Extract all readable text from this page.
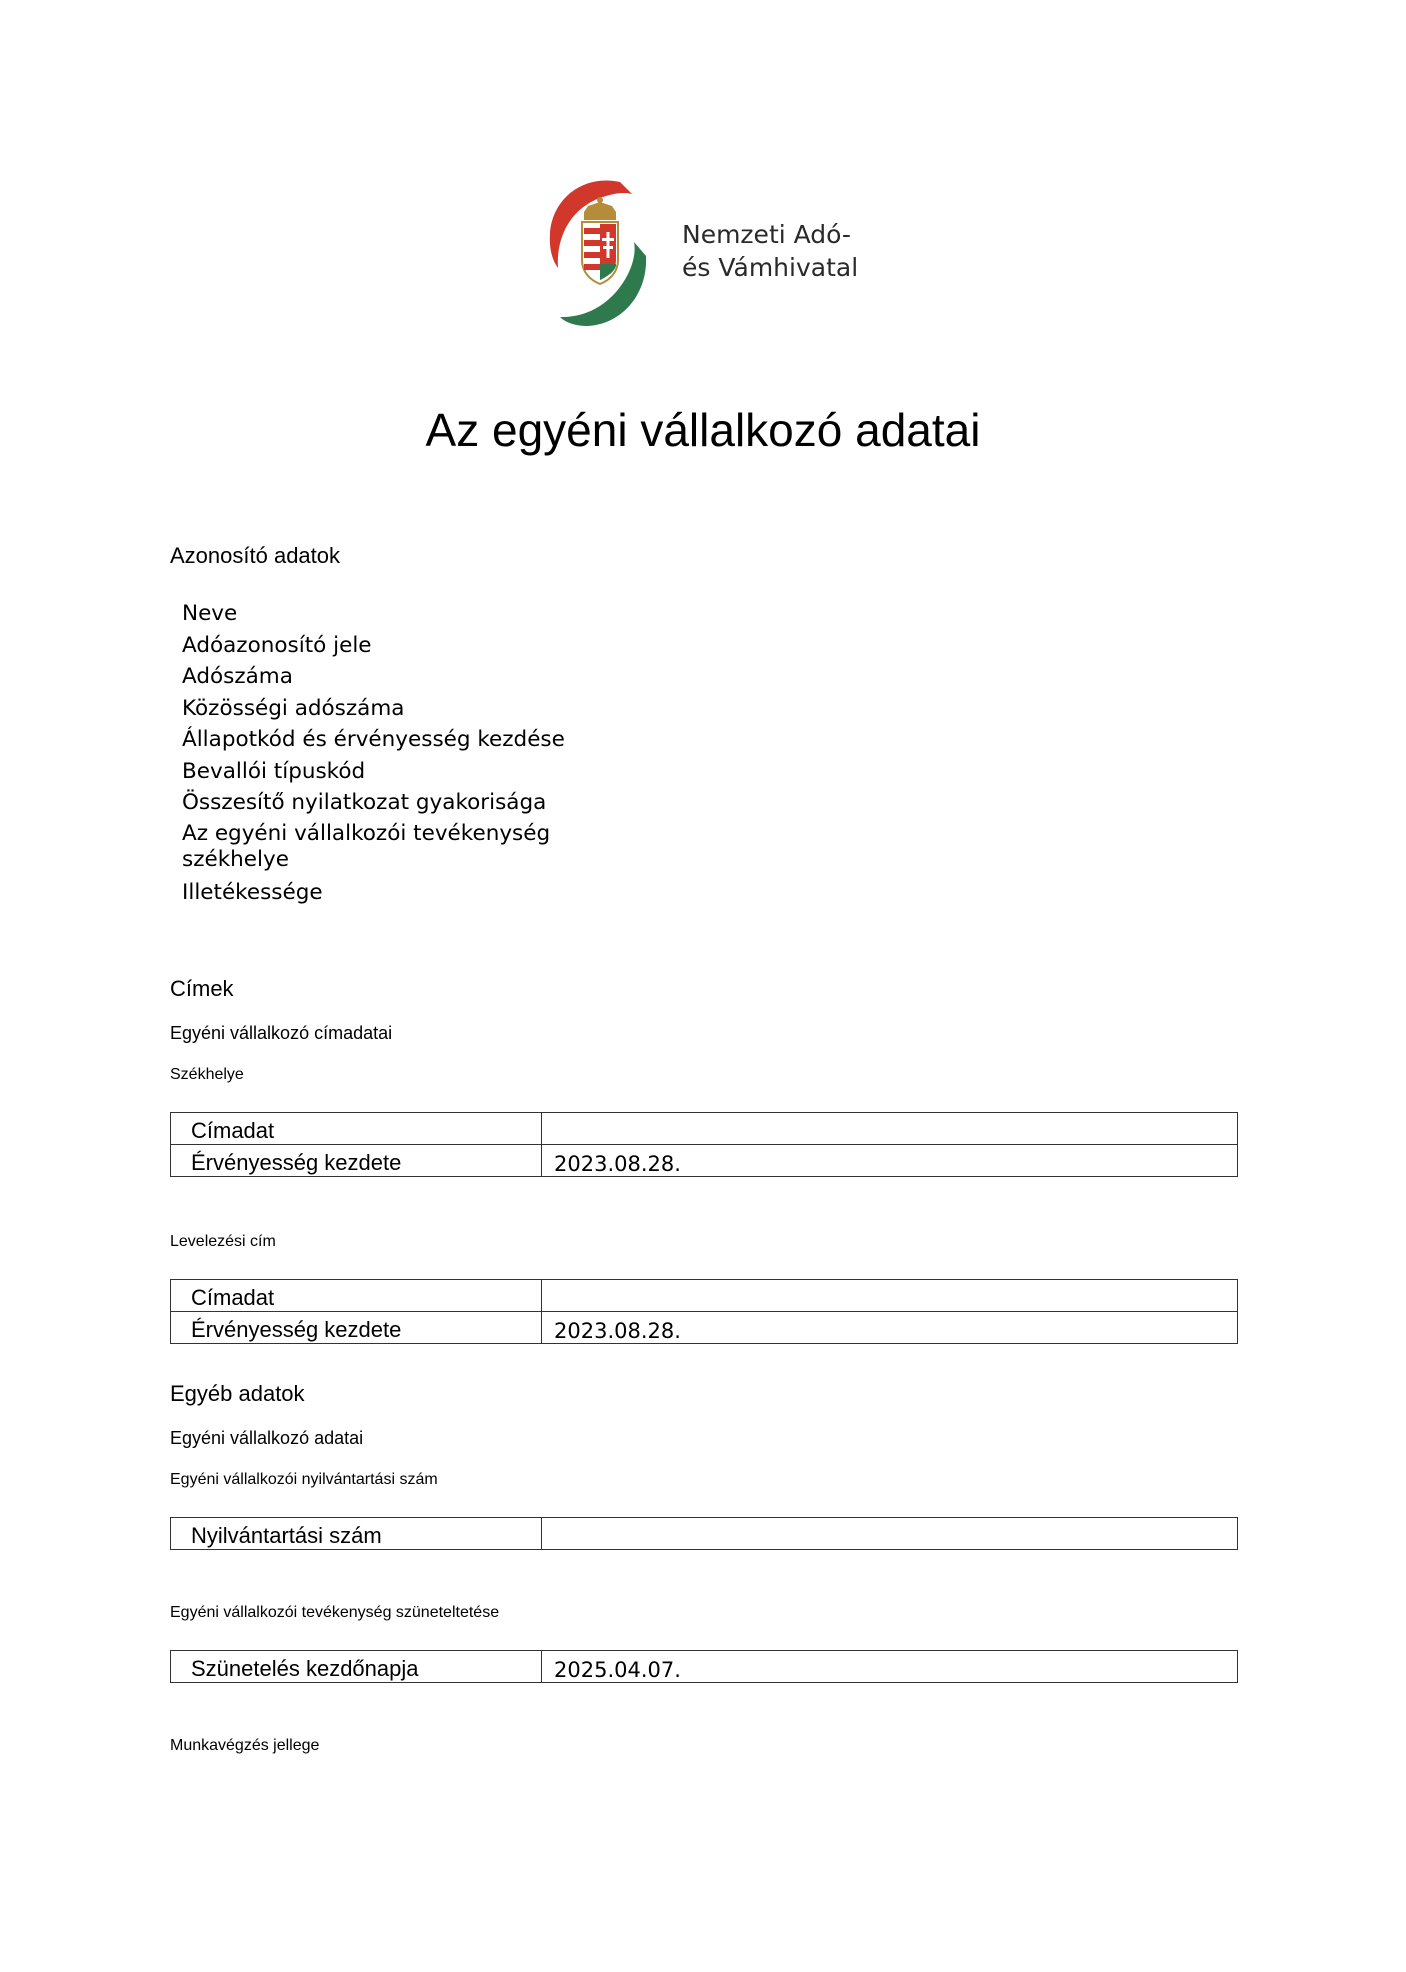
Nemzeti Adó-
és Vámhivatal
Az egyéni vállalkozó adatai
Azonosító adatok
Neve
Adóazonosító jele
Adószáma
Közösségi adószáma
Állapotkód és érvényesség kezdése
Bevallói típuskód
Összesítő nyilatkozat gyakorisága
Az egyéni vállalkozói tevékenység
székhelye
Illetékessége
Címek
Egyéni vállalkozó címadatai
Székhelye
Címadat	
Érvényesség kezdete	2023.08.28.
Levelezési cím
Címadat	
Érvényesség kezdete	2023.08.28.
Egyéb adatok
Egyéni vállalkozó adatai
Egyéni vállalkozói nyilvántartási szám
Nyilvántartási szám	
Egyéni vállalkozói tevékenység szüneteltetése
Szünetelés kezdőnapja	2025.04.07.
Munkavégzés jellege
